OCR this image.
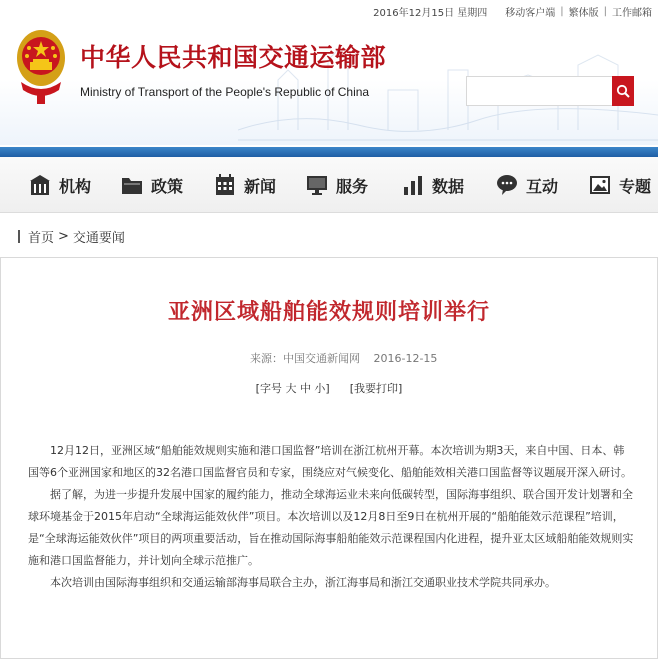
2016年12月15日 星期四 移动客户端 | 繁体版 | 工作邮箱
中华人民共和国交通运输部
Ministry of Transport of the People's Republic of China
机构	政策	新闻	服务	数据	互动	专题
首页 > 交通要闻
亚洲区域船舶能效规则培训举行
来源：中国交通新闻网 2016-12-15
[字号 大 中 小] [我要打印]

12月12日，亚洲区域“船舶能效规则实施和港口国监督”培训在浙江杭州开幕。本次培训为期3天，来自中国、日本、韩国等6个亚洲国家和地区的32名港口国监督官员和专家，围绕应对气候变化、船舶能效相关港口国监督等议题展开深入研讨。

据了解，为进一步提升发展中国家的履约能力，推动全球海运业未来向低碳转型，国际海事组织、联合国开发计划署和全球环境基金于2015年启动“全球海运能效伙伴”项目。本次培训以及12月8日至9日在杭州开展的“船舶能效示范课程”培训，是“全球海运能效伙伴”项目的两项重要活动，旨在推动国际海事船舶能效示范课程国内化进程，提升亚太区域船舶能效规则实施和港口国监督能力，并计划向全球示范推广。

本次培训由国际海事组织和交通运输部海事局联合主办，浙江海事局和浙江交通职业技术学院共同承办。
